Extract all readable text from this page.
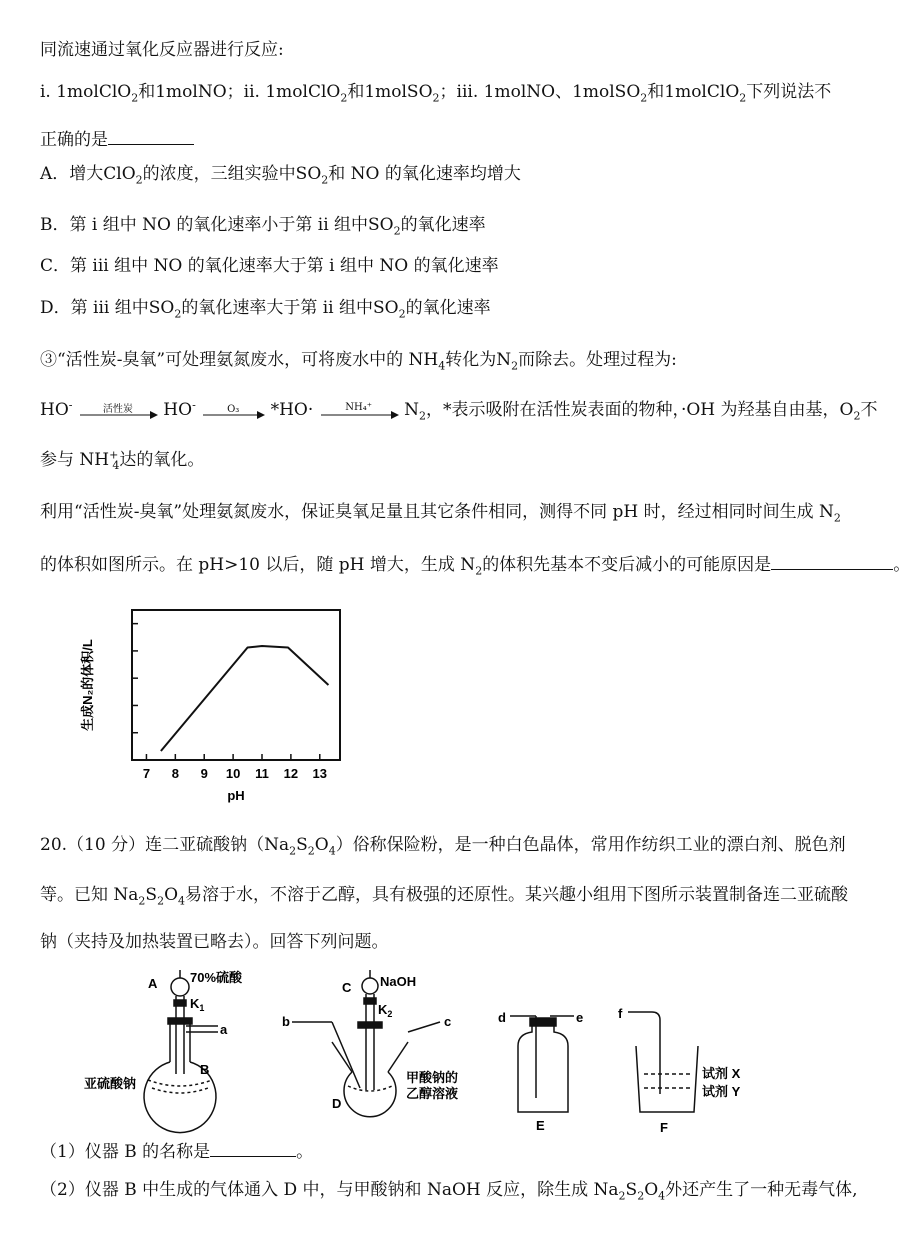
同流速通过氧化反应器进行反应:
i. 1molClO$_2$和1molNO；ii. 1molClO$_2$和1molSO$_2$；iii. 1molNO、1molSO$_2$和1molClO$_2$下列说法不
正确的是
A．增大ClO$_2$的浓度，三组实验中$SO_2$和 NO 的氧化速率均增大
B．第 i 组中 NO 的氧化速率小于第 ii 组中$SO_2$的氧化速率
C．第 iii 组中 NO 的氧化速率大于第 i 组中 NO 的氧化速率
D．第 iii 组中$SO_2$的氧化速率大于第 ii 组中$SO_2$的氧化速率
③“活性炭-臭氧”可处理氨氮废水，可将废水中的 $NH_4$转化为$N_2$而除去。处理过程为:
HO-	活性炭	HO-	O₃	*HO·	NH₄⁺	$N_2$，*表示吸附在活性炭表面的物种，·OH 为羟基自由基，$O_2$不
参与 $NH^+_4$达的氧化。
利用“活性炭-臭氧”处理氨氮废水，保证臭氧足量且其它条件相同，测得不同 pH 时，经过相同时间生成 $N_2$
的体积如图所示。在 pH>10 以后，随 pH 增大，生成 $N_2$的体积先基本不变后减小的可能原因是	。
生成N₂的体积/L
pH
7 8 9 10 11 12 13
20.（10 分）连二亚硫酸钠$(Na_2S_2O_4)$俗称保险粉，是一种白色晶体，常用作纺织工业的漂白剂、脱色剂
等。已知 $Na_2S_2O_4$易溶于水，不溶于乙醇，具有极强的还原性。某兴趣小组用下图所示装置制备连二亚硫酸
钠（夹持及加热装置已略去）。回答下列问题。
A	70%硫酸
$K_1$
a
B
亚硫酸钠
C NaOH
$K_2$
b	c
D
甲酸钠的
乙醇溶液
d	e
E
f
试剂 X
试剂 Y
F
（1）仪器 B 的名称是	。
（2）仪器 B 中生成的气体通入 D 中，与甲酸钠和 NaOH 反应，除生成 $Na_2S_2O_4$外还产生了一种无毒气体,
